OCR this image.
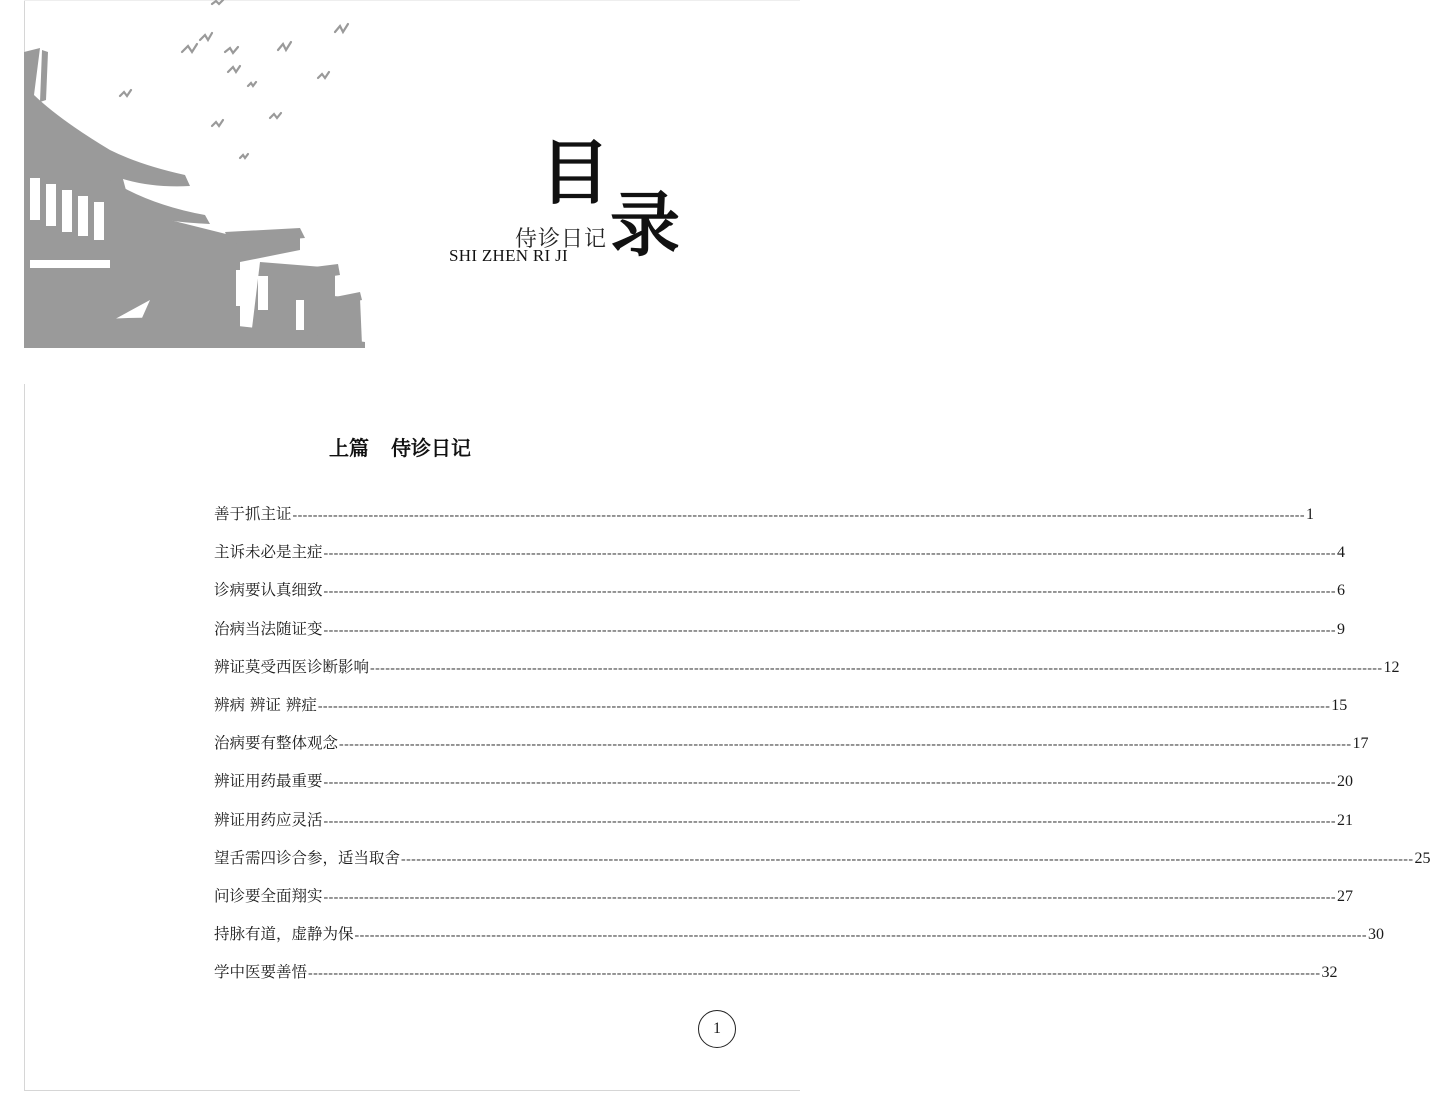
目
录
侍诊日记
SHI ZHEN RI JI
上篇 侍诊日记
善于抓主证 -------------------------------------------------------------------------------------------------------------------------------------------------------------------------------------------------------- 1
主诉未必是主症 -------------------------------------------------------------------------------------------------------------------------------------------------------------------------------------------------------- 4
诊病要认真细致 -------------------------------------------------------------------------------------------------------------------------------------------------------------------------------------------------------- 6
治病当法随证变 -------------------------------------------------------------------------------------------------------------------------------------------------------------------------------------------------------- 9
辨证莫受西医诊断影响 -------------------------------------------------------------------------------------------------------------------------------------------------------------------------------------------------------- 12
辨病 辨证 辨症 -------------------------------------------------------------------------------------------------------------------------------------------------------------------------------------------------------- 15
治病要有整体观念 -------------------------------------------------------------------------------------------------------------------------------------------------------------------------------------------------------- 17
辨证用药最重要 -------------------------------------------------------------------------------------------------------------------------------------------------------------------------------------------------------- 20
辨证用药应灵活 -------------------------------------------------------------------------------------------------------------------------------------------------------------------------------------------------------- 21
望舌需四诊合参，适当取舍 -------------------------------------------------------------------------------------------------------------------------------------------------------------------------------------------------------- 25
问诊要全面翔实 -------------------------------------------------------------------------------------------------------------------------------------------------------------------------------------------------------- 27
持脉有道，虚静为保 -------------------------------------------------------------------------------------------------------------------------------------------------------------------------------------------------------- 30
学中医要善悟 -------------------------------------------------------------------------------------------------------------------------------------------------------------------------------------------------------- 32
1
